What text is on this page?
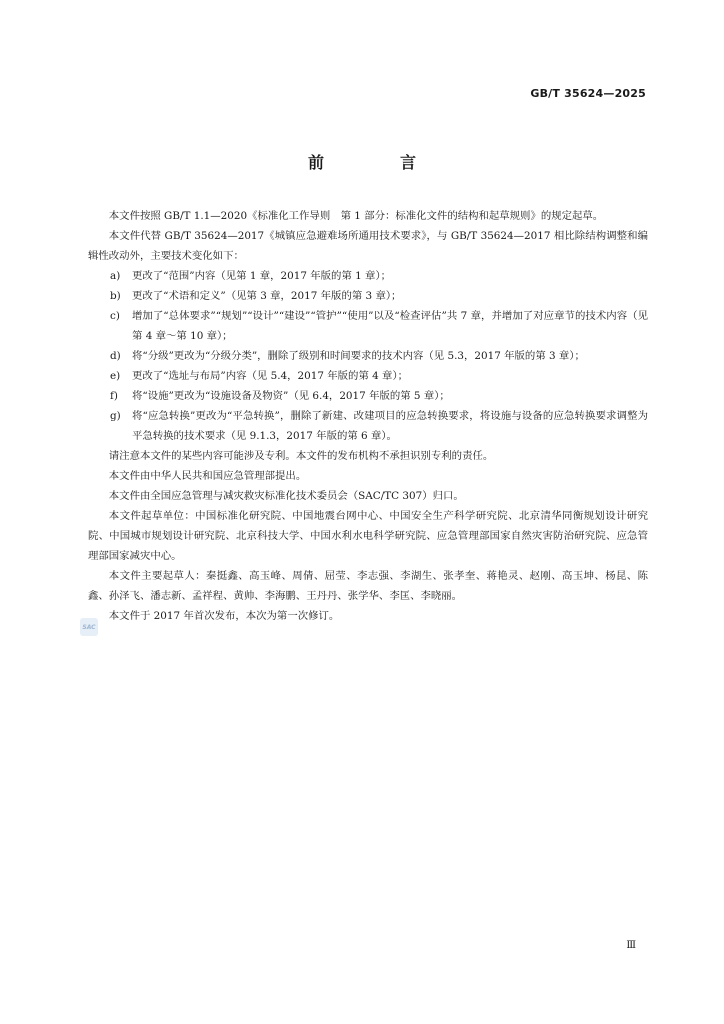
GB/T 35624—2025
前　言

本文件按照 GB/T 1.1—2020《标准化工作导则　第 1 部分：标准化文件的结构和起草规则》的规定起草。

本文件代替 GB/T 35624—2017《城镇应急避难场所通用技术要求》，与 GB/T 35624—2017 相比除结构调整和编辑性改动外，主要技术变化如下：

a)	更改了“范围”内容（见第 1 章，2017 年版的第 1 章）；
b)	更改了“术语和定义”（见第 3 章，2017 年版的第 3 章）；
c)	增加了“总体要求”“规划”“设计”“建设”“管护”“使用”以及“检查评估”共 7 章，并增加了对应章节的技术内容（见第 4 章～第 10 章）；
d)	将“分级”更改为“分级分类”，删除了级别和时间要求的技术内容（见 5.3，2017 年版的第 3 章）；
e)	更改了“选址与布局”内容（见 5.4，2017 年版的第 4 章）；
f)	将“设施”更改为“设施设备及物资”（见 6.4，2017 年版的第 5 章）；
g)	将“应急转换”更改为“平急转换”，删除了新建、改建项目的应急转换要求，将设施与设备的应急转换要求调整为平急转换的技术要求（见 9.1.3，2017 年版的第 6 章）。

请注意本文件的某些内容可能涉及专利。本文件的发布机构不承担识别专利的责任。

本文件由中华人民共和国应急管理部提出。

本文件由全国应急管理与减灾救灾标准化技术委员会（SAC/TC 307）归口。

本文件起草单位：中国标准化研究院、中国地震台网中心、中国安全生产科学研究院、北京清华同衡规划设计研究院、中国城市规划设计研究院、北京科技大学、中国水利水电科学研究院、应急管理部国家自然灾害防治研究院、应急管理部国家减灾中心。

本文件主要起草人：秦挺鑫、高玉峰、周倩、屈莹、李志强、李湖生、张孝奎、蒋艳灵、赵刚、高玉坤、杨昆、陈鑫、孙泽飞、潘志新、孟祥程、黄帅、李海鹏、王丹丹、张学华、李匡、李晓丽。

本文件于 2017 年首次发布，本次为第一次修订。

SAC
Ⅲ
